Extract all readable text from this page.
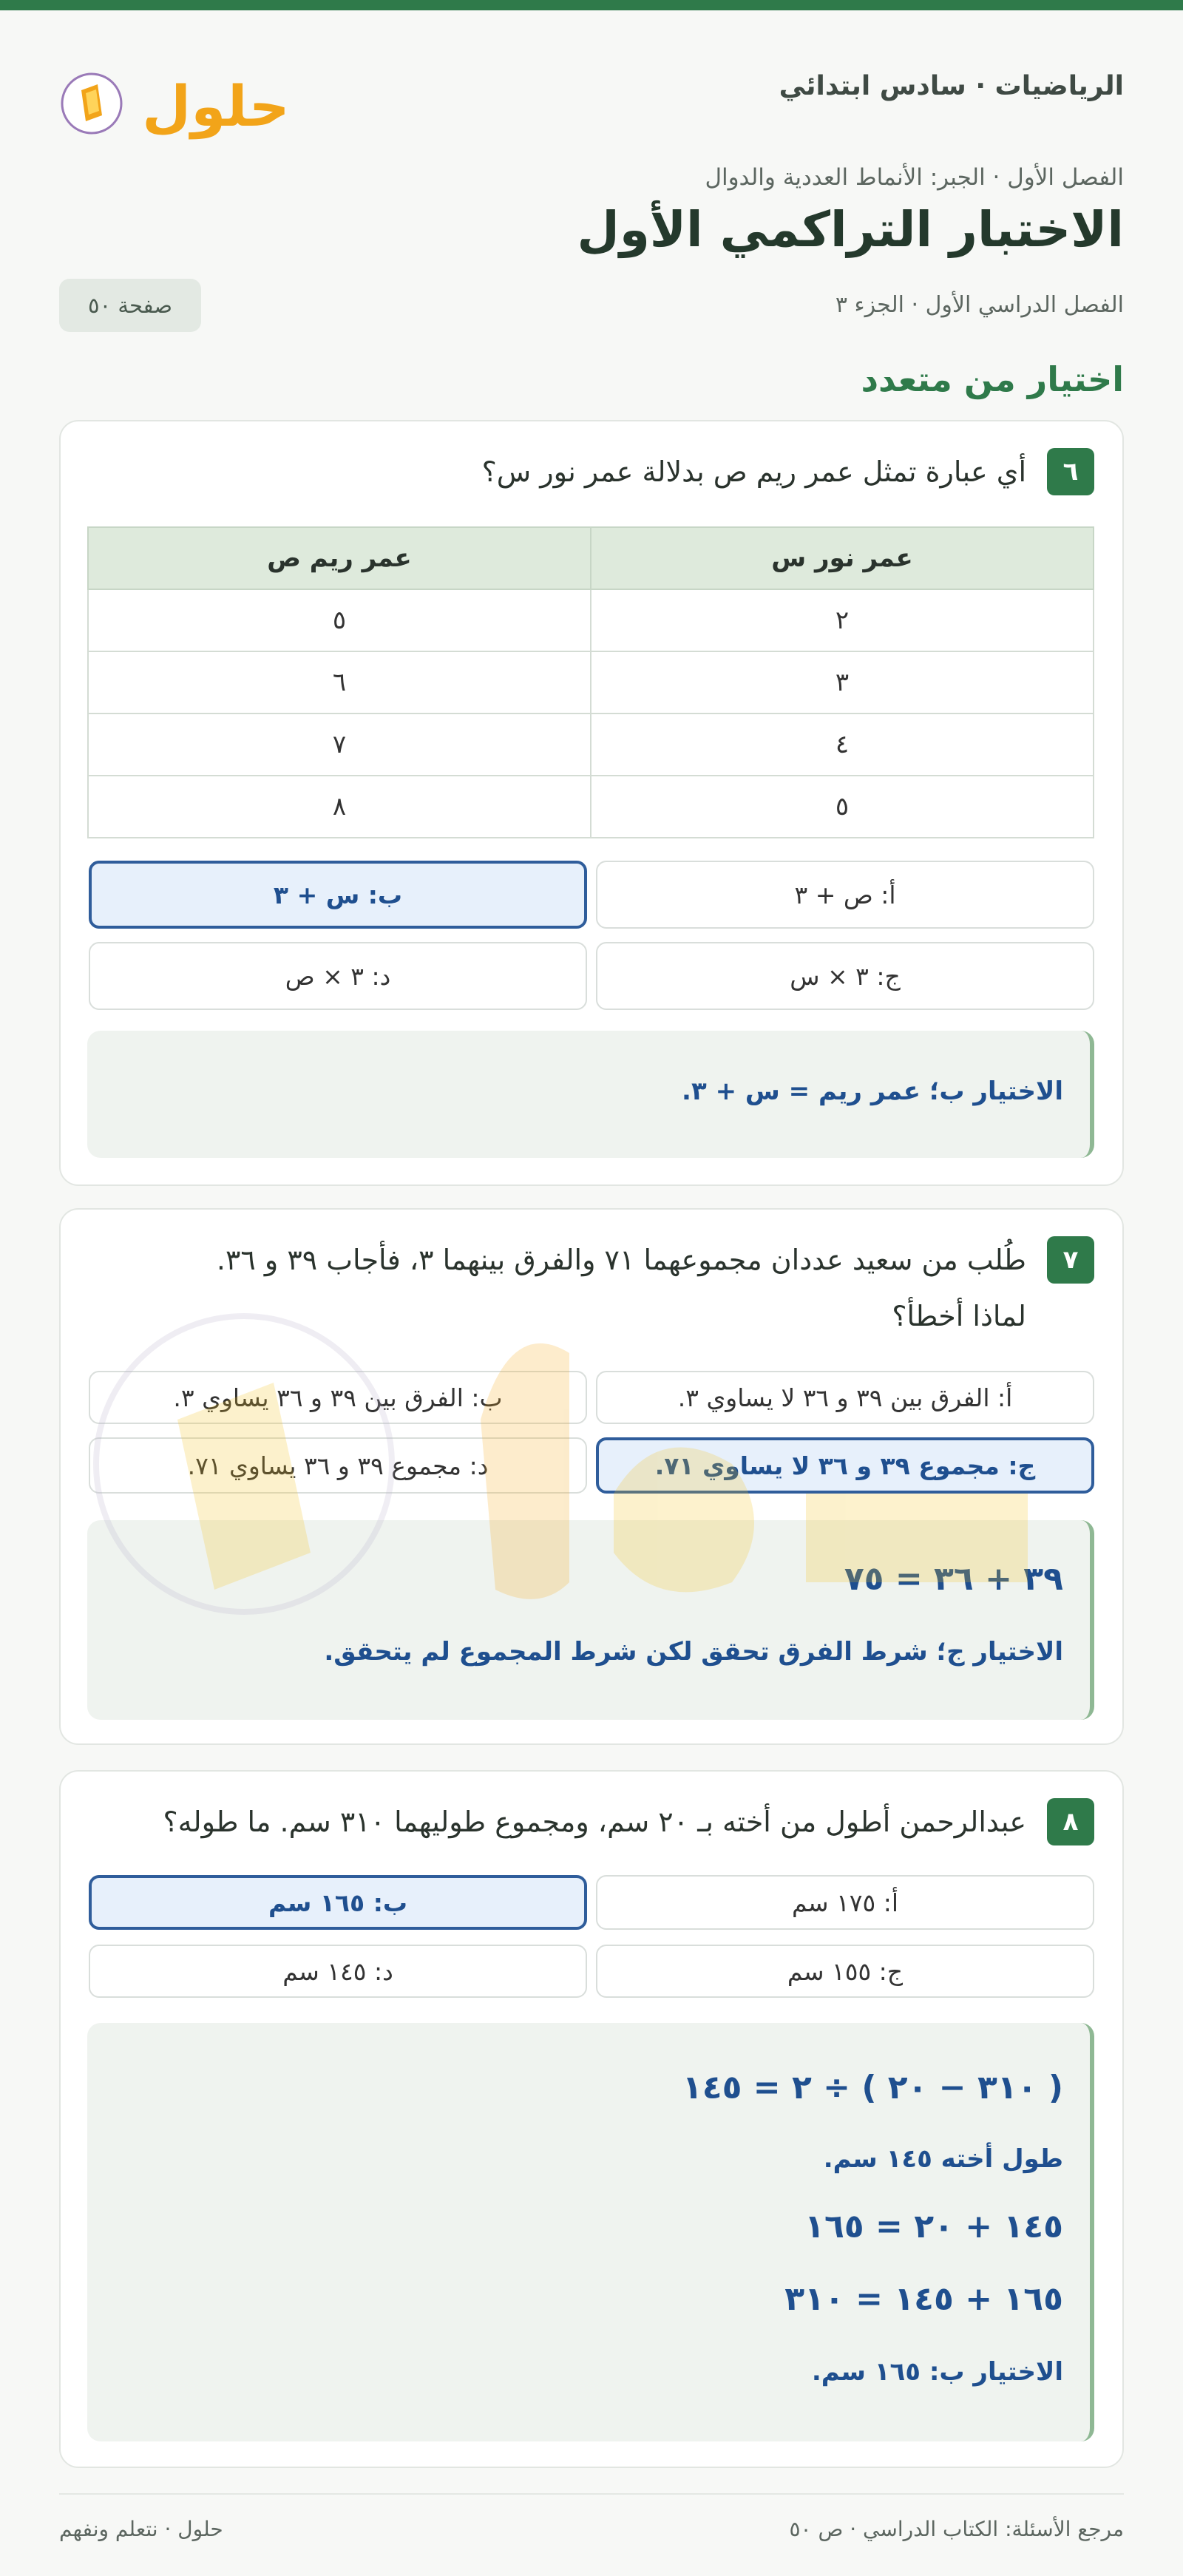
الرياضيات · سادس ابتدائي
حلول
الفصل الأول · الجبر: الأنماط العددية والدوال
الاختبار التراكمي الأول
الفصل الدراسي الأول · الجزء ٣
صفحة ٥٠
اختيار من متعدد
٦
أي عبارة تمثل عمر ريم ص بدلالة عمر نور س؟
عمر نور س	عمر ريم ص
٢	٥
٣	٦
٤	٧
٥	٨
أ: ص + ٣
ب: س + ٣
ج: ٣ × س
د: ٣ × ص
الاختيار ب؛ عمر ريم = س + ٣.
٧
طُلب من سعيد عددان مجموعهما ٧١ والفرق بينهما ٣، فأجاب ٣٩ و ٣٦.
لماذا أخطأ؟
أ: الفرق بين ٣٩ و ٣٦ لا يساوي ٣.
ب: الفرق بين ٣٩ و ٣٦ يساوي ٣.
ج: مجموع ٣٩ و ٣٦ لا يساوي ٧١.
د: مجموع ٣٩ و ٣٦ يساوي ٧١.
٣٩ + ٣٦ = ٧٥
الاختيار ج؛ شرط الفرق تحقق لكن شرط المجموع لم يتحقق.
٨
عبدالرحمن أطول من أخته بـ ٢٠ سم، ومجموع طوليهما ٣١٠ سم. ما طوله؟
أ: ١٧٥ سم
ب: ١٦٥ سم
ج: ١٥٥ سم
د: ١٤٥ سم
( ٣١٠ − ٢٠ ) ÷ ٢ = ١٤٥
طول أخته ١٤٥ سم.
١٤٥ + ٢٠ = ١٦٥
١٦٥ + ١٤٥ = ٣١٠
الاختيار ب: ١٦٥ سم.
حلول · نتعلم ونفهم	مرجع الأسئلة: الكتاب الدراسي · ص ٥٠
